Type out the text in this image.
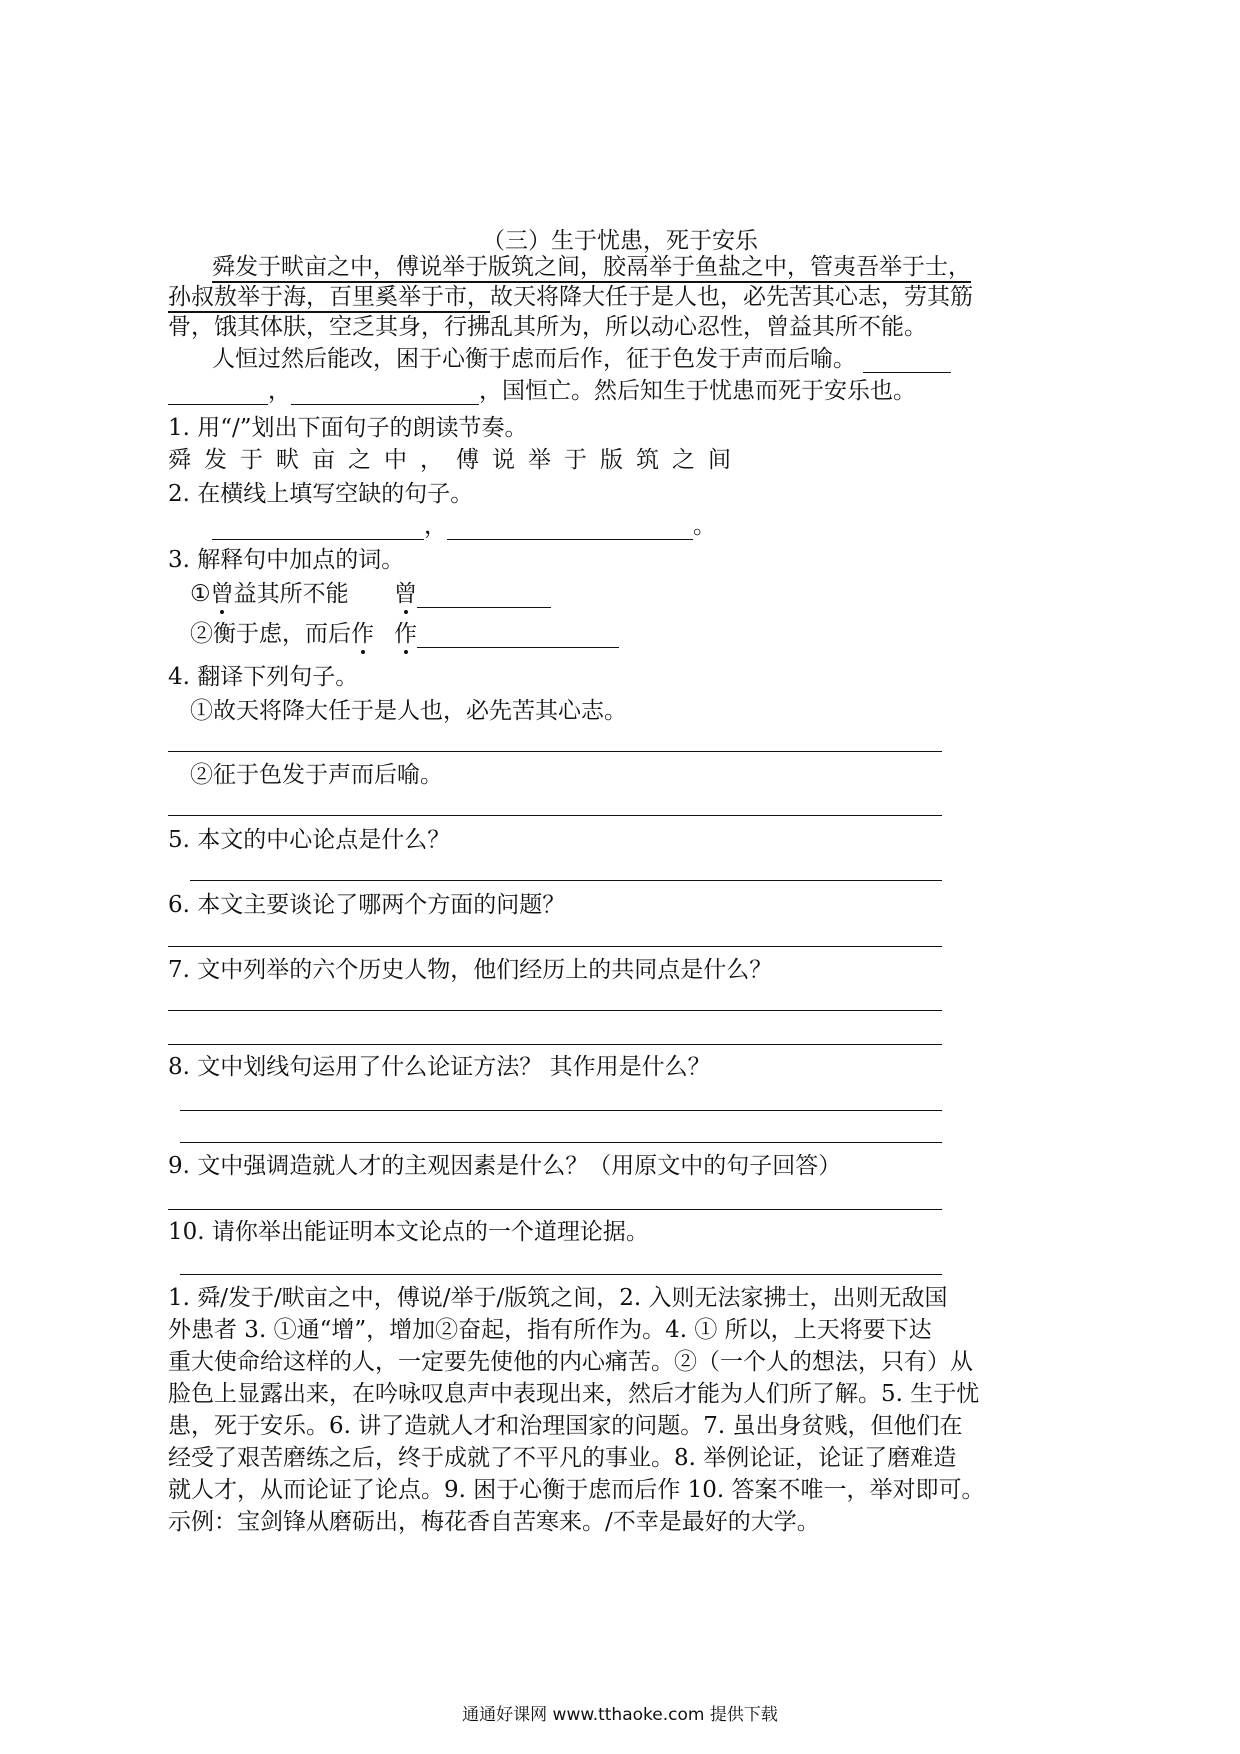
（三）生于忧患，死于安乐
舜发于畎亩之中，傅说举于版筑之间，胶鬲举于鱼盐之中，管夷吾举于士，
孙叔敖举于海，百里奚举于市，故天将降大任于是人也，必先苦其心志，劳其筋
骨，饿其体肤，空乏其身，行拂乱其所为，所以动心忍性，曾益其所不能。
人恒过然后能改，困于心衡于虑而后作，征于色发于声而后喻。
，	，国恒亡。然后知生于忧患而死于安乐也。
1. 用“/”划出下面句子的朗读节奏。
舜发于畎亩之中，傅说举于版筑之间
2. 在横线上填写空缺的句子。
，	。
3. 解释句中加点的词。
①曾益其所不能 曾
②衡于虑，而后作 作
4. 翻译下列句子。
①故天将降大任于是人也，必先苦其心志。
②征于色发于声而后喻。
5. 本文的中心论点是什么？
6. 本文主要谈论了哪两个方面的问题？
7. 文中列举的六个历史人物，他们经历上的共同点是什么？
8. 文中划线句运用了什么论证方法？ 其作用是什么？
9. 文中强调造就人才的主观因素是什么？（用原文中的句子回答）
10. 请你举出能证明本文论点的一个道理论据。
1. 舜/发于/畎亩之中，傅说/举于/版筑之间，2. 入则无法家拂士，出则无敌国
外患者 3. ①通“增”，增加②奋起，指有所作为。4. ① 所以，上天将要下达
重大使命给这样的人，一定要先使他的内心痛苦。②（一个人的想法，只有）从
脸色上显露出来，在吟咏叹息声中表现出来，然后才能为人们所了解。5. 生于忧
患，死于安乐。6. 讲了造就人才和治理国家的问题。7. 虽出身贫贱，但他们在
经受了艰苦磨练之后，终于成就了不平凡的事业。8. 举例论证，论证了磨难造
就人才，从而论证了论点。9. 困于心衡于虑而后作 10. 答案不唯一，举对即可。
示例：宝剑锋从磨砺出，梅花香自苦寒来。/不幸是最好的大学。
通通好课网 www.tthaoke.com 提供下载
